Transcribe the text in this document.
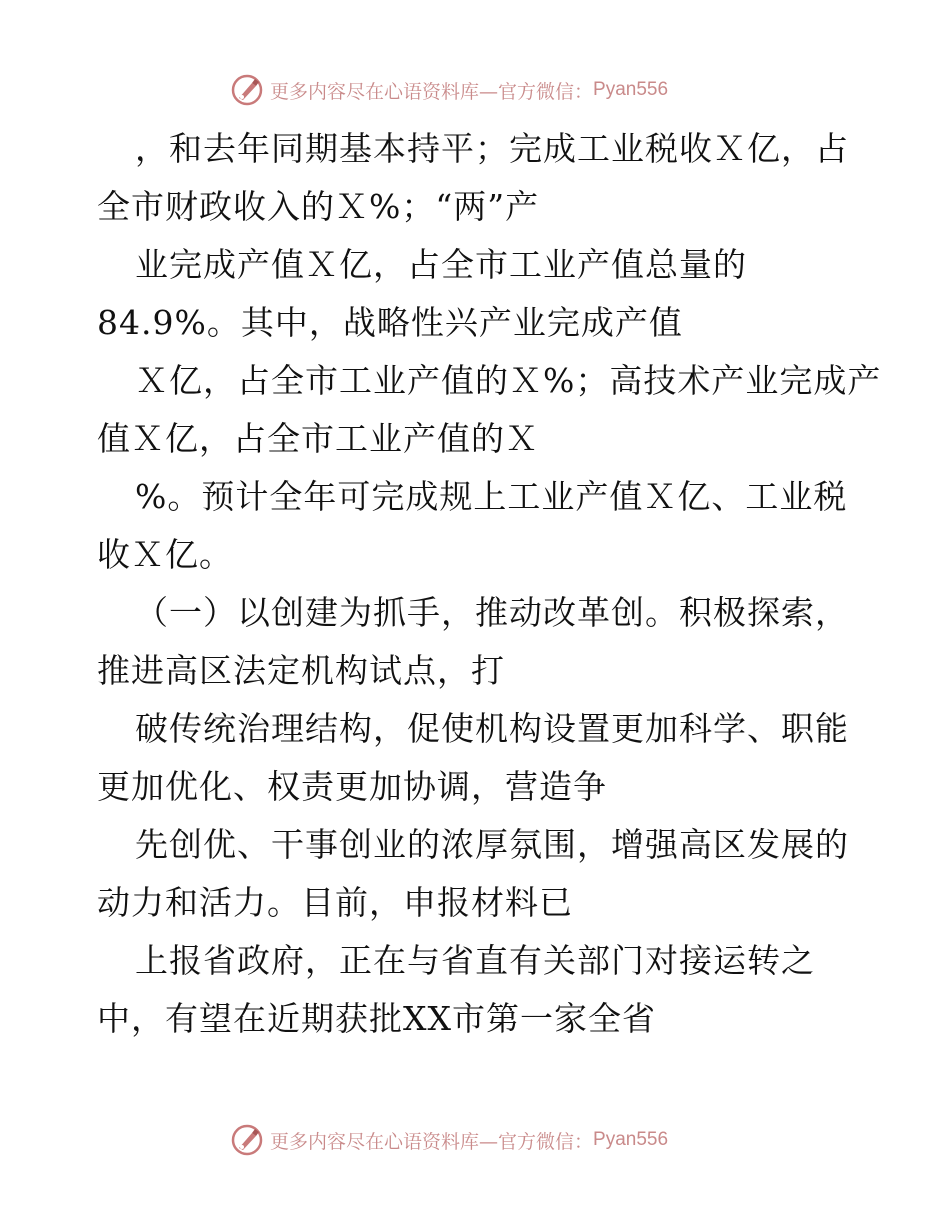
更多内容尽在心语资料库—官方微信： Pyan556
，和去年同期基本持平；完成工业税收Ｘ亿，占
全市财政收入的Ｘ%；“两”产
业完成产值Ｘ亿，占全市工业产值总量的
84.9%。其中，战略性兴产业完成产值
Ｘ亿，占全市工业产值的Ｘ%；高技术产业完成产
值Ｘ亿，占全市工业产值的Ｘ
%。预计全年可完成规上工业产值Ｘ亿、工业税
收Ｘ亿。
（一）以创建为抓手，推动改革创。积极探索，
推进高区法定机构试点，打
破传统治理结构，促使机构设置更加科学、职能
更加优化、权责更加协调，营造争
先创优、干事创业的浓厚氛围，增强高区发展的
动力和活力。目前，申报材料已
上报省政府，正在与省直有关部门对接运转之
中，有望在近期获批XX市第一家全省
更多内容尽在心语资料库—官方微信： Pyan556
